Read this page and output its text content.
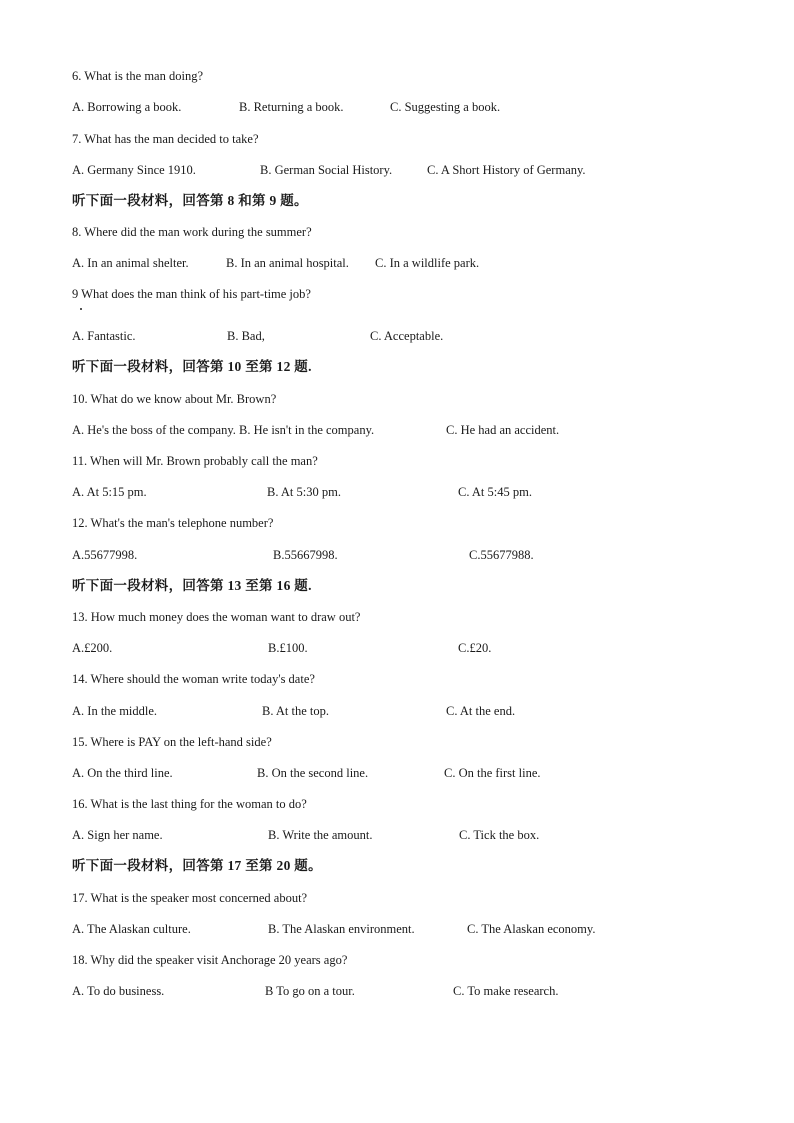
6. What is the man doing?
A. Borrowing a book.	B. Returning a book.	C. Suggesting a book.
7. What has the man decided to take?
A. Germany Since 1910.	B. German Social History.	C. A Short History of Germany.
听下面一段材料，回答第 8 和第 9 题。
8. Where did the man work during the summer?
A. In an animal shelter.	B. In an animal hospital. C. In a wildlife park.
9 What does the man think of his part-time job?
A. Fantastic.	B. Bad,	C. Acceptable.
听下面一段材料，回答第 10 至第 12 题.
10. What do we know about Mr. Brown?
A. He's the boss of the company. B. He isn't in the company.	C. He had an accident.
11. When will Mr. Brown probably call the man?
A. At 5:15 pm.	B. At 5:30 pm.	C. At 5:45 pm.
12. What's the man's telephone number?
A.55677998.	B.55667998.	C.55677988.
听下面一段材料，回答第 13 至第 16 题.
13. How much money does the woman want to draw out?
A.£200.	B.£100.	C.£20.
14. Where should the woman write today's date?
A. In the middle.	B. At the top.	C. At the end.
15. Where is PAY on the left-hand side?
A. On the third line.	B. On the second line.	C. On the first line.
16. What is the last thing for the woman to do?
A. Sign her name.	B. Write the amount.	C. Tick the box.
听下面一段材料，回答第 17 至第 20 题。
17. What is the speaker most concerned about?
A. The Alaskan culture.	B. The Alaskan environment.	C. The Alaskan economy.
18. Why did the speaker visit Anchorage 20 years ago?
A. To do business.	B To go on a tour.	C. To make research.
